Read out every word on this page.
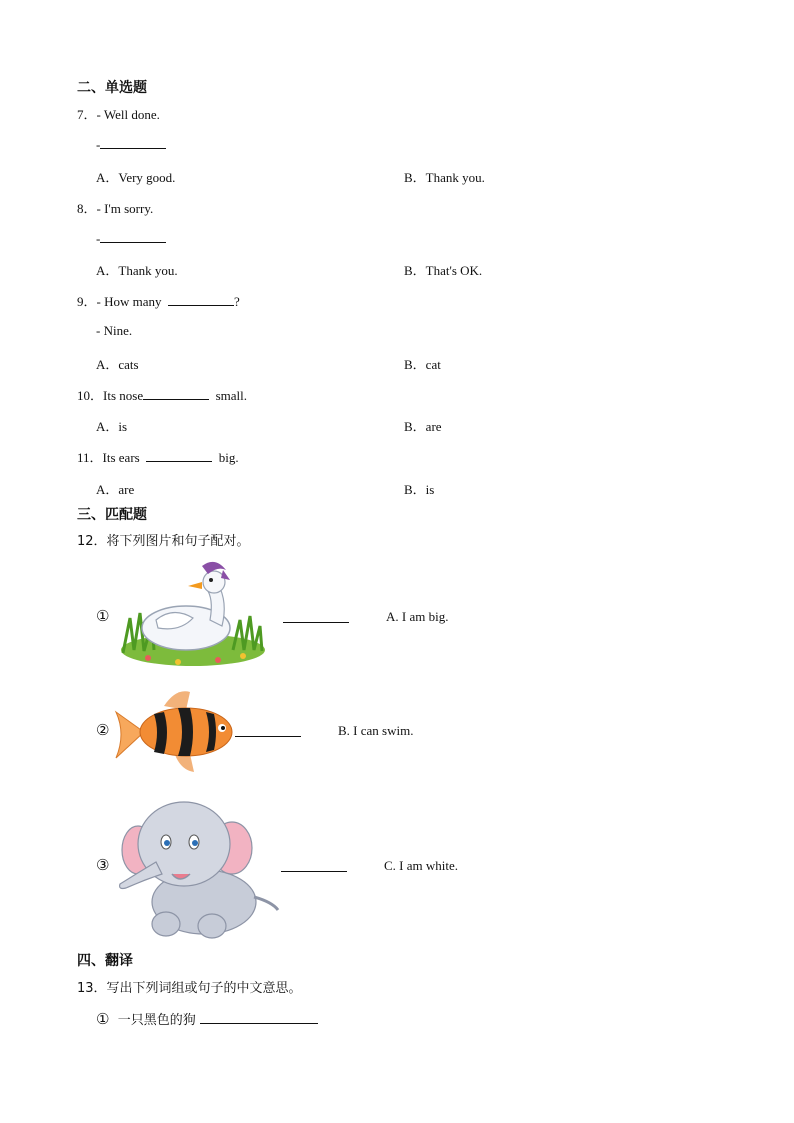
二、单选题
7．- Well done.
-
A．Very good.	B．Thank you.
8．- I'm sorry.
-
A．Thank you.	B．That's OK.
9．- How many	?
- Nine.
A．cats	B．cat
10．Its nose	small.
A．is	B．are
11．Its ears	big.
A．are	B．is
三、匹配题
12．将下列图片和句子配对。
①	A. I am big.
②	B. I can swim.
③	C. I am white.
四、翻译
13．写出下列词组或句子的中文意思。
① 一只黑色的狗
